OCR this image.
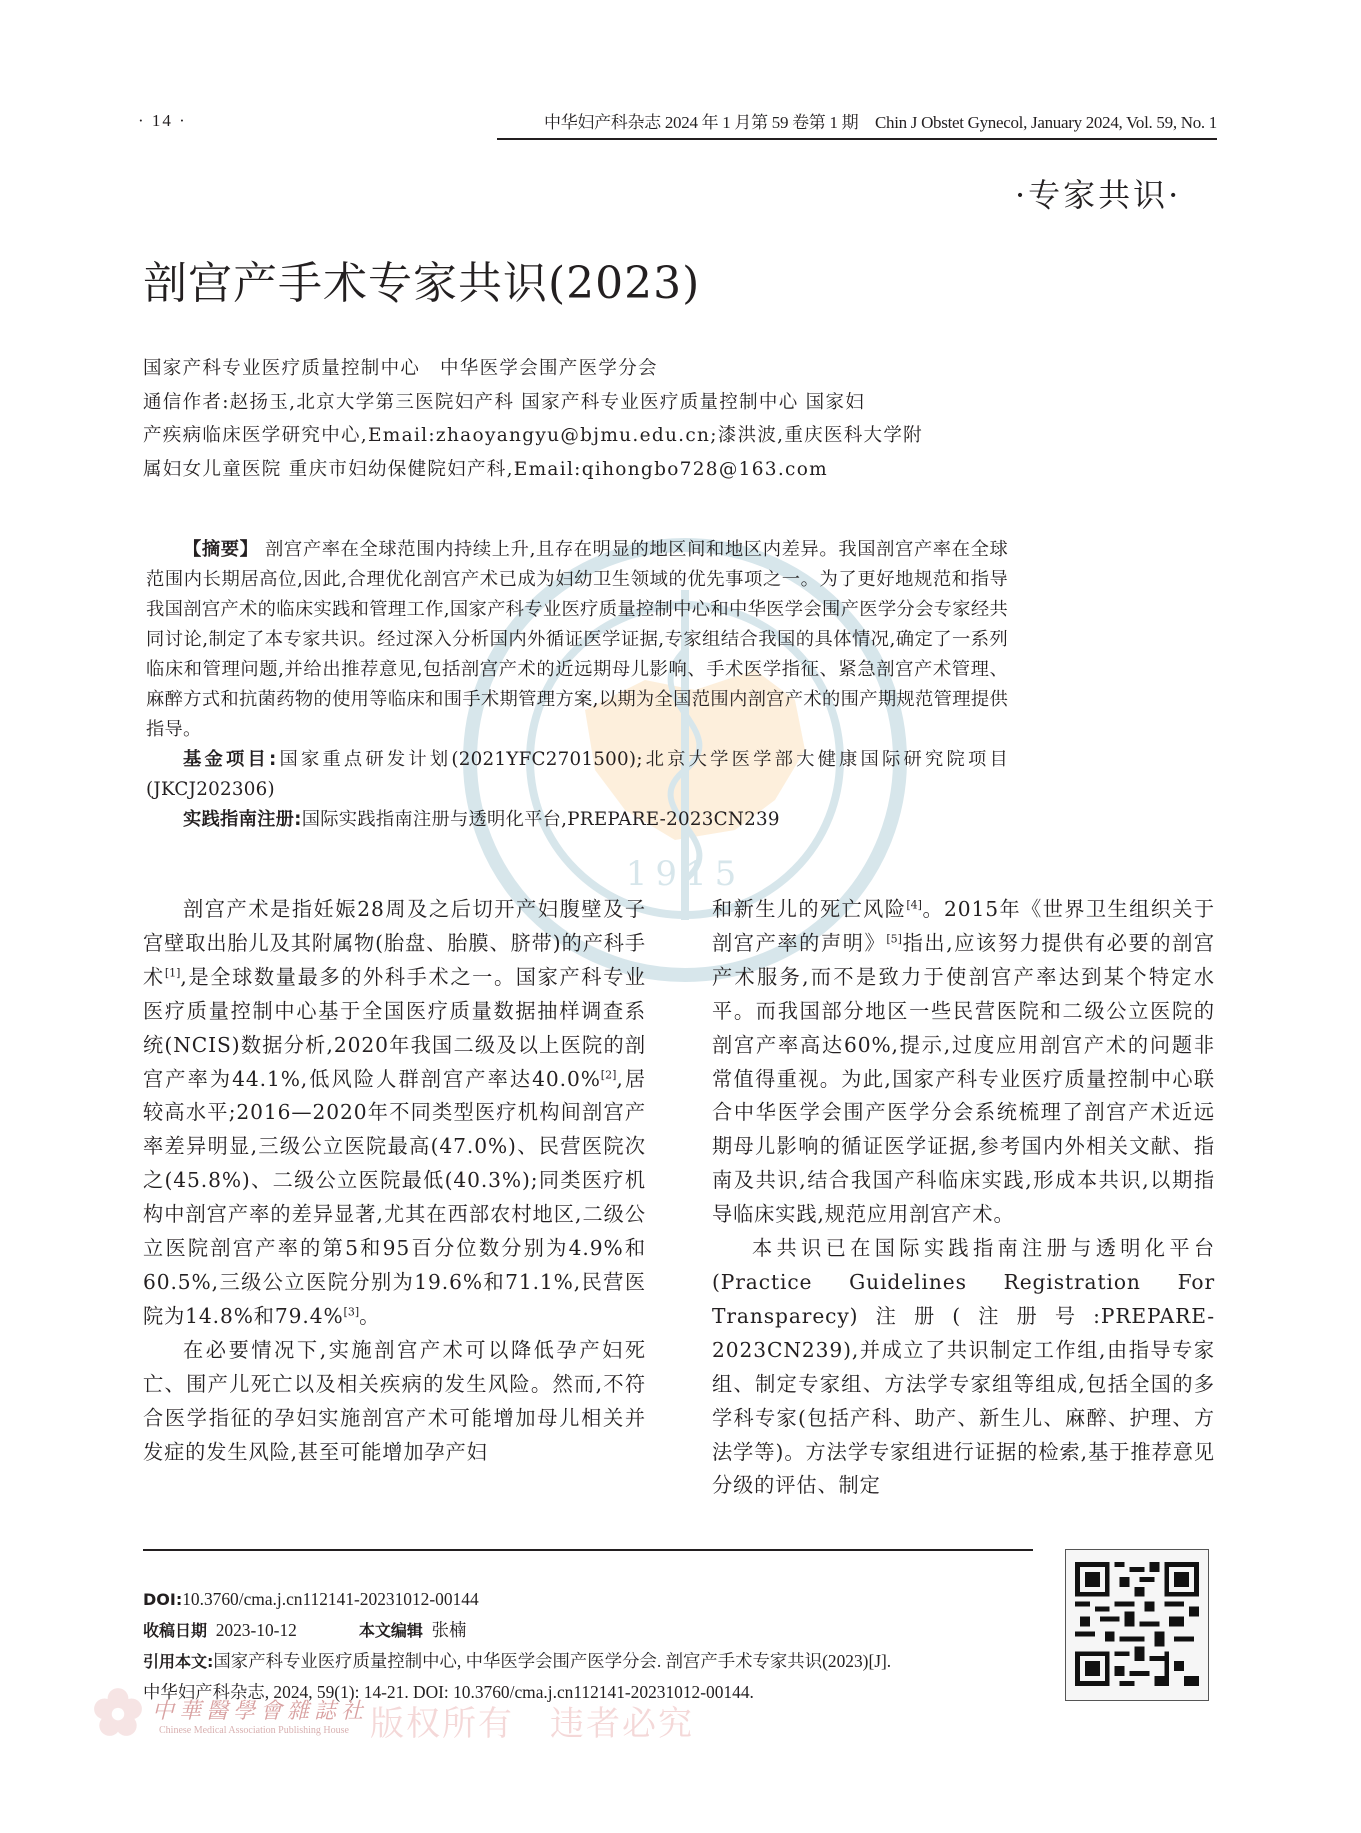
1915
· 14 ·	中华妇产科杂志 2024 年 1 月第 59 卷第 1 期　Chin J Obstet Gynecol, January 2024, Vol. 59, No. 1
·专家共识·
剖宫产手术专家共识(2023)

国家产科专业医疗质量控制中心　中华医学会围产医学分会

通信作者:赵扬玉,北京大学第三医院妇产科 国家产科专业医疗质量控制中心 国家妇

产疾病临床医学研究中心,Email:zhaoyangyu@bjmu.edu.cn;漆洪波,重庆医科大学附

属妇女儿童医院 重庆市妇幼保健院妇产科,Email:qihongbo728@163.com

【摘要】 剖宫产率在全球范围内持续上升,且存在明显的地区间和地区内差异。我国剖宫产率在全球范围内长期居高位,因此,合理优化剖宫产术已成为妇幼卫生领域的优先事项之一。为了更好地规范和指导我国剖宫产术的临床实践和管理工作,国家产科专业医疗质量控制中心和中华医学会围产医学分会专家经共同讨论,制定了本专家共识。经过深入分析国内外循证医学证据,专家组结合我国的具体情况,确定了一系列临床和管理问题,并给出推荐意见,包括剖宫产术的近远期母儿影响、手术医学指征、紧急剖宫产术管理、麻醉方式和抗菌药物的使用等临床和围手术期管理方案,以期为全国范围内剖宫产术的围产期规范管理提供指导。

基金项目:国家重点研发计划(2021YFC2701500);北京大学医学部大健康国际研究院项目(JKCJ202306)

实践指南注册:国际实践指南注册与透明化平台,PREPARE-2023CN239

剖宫产术是指妊娠28周及之后切开产妇腹壁及子宫壁取出胎儿及其附属物(胎盘、胎膜、脐带)的产科手术[1],是全球数量最多的外科手术之一。国家产科专业医疗质量控制中心基于全国医疗质量数据抽样调查系统(NCIS)数据分析,2020年我国二级及以上医院的剖宫产率为44.1%,低风险人群剖宫产率达40.0%[2],居较高水平;2016—2020年不同类型医疗机构间剖宫产率差异明显,三级公立医院最高(47.0%)、民营医院次之(45.8%)、二级公立医院最低(40.3%);同类医疗机构中剖宫产率的差异显著,尤其在西部农村地区,二级公立医院剖宫产率的第5和95百分位数分别为4.9%和60.5%,三级公立医院分别为19.6%和71.1%,民营医院为14.8%和79.4%[3]。

在必要情况下,实施剖宫产术可以降低孕产妇死亡、围产儿死亡以及相关疾病的发生风险。然而,不符合医学指征的孕妇实施剖宫产术可能增加母儿相关并发症的发生风险,甚至可能增加孕产妇

和新生儿的死亡风险[4]。2015年《世界卫生组织关于剖宫产率的声明》[5]指出,应该努力提供有必要的剖宫产术服务,而不是致力于使剖宫产率达到某个特定水平。而我国部分地区一些民营医院和二级公立医院的剖宫产率高达60%,提示,过度应用剖宫产术的问题非常值得重视。为此,国家产科专业医疗质量控制中心联合中华医学会围产医学分会系统梳理了剖宫产术近远期母儿影响的循证医学证据,参考国内外相关文献、指南及共识,结合我国产科临床实践,形成本共识,以期指导临床实践,规范应用剖宫产术。

本共识已在国际实践指南注册与透明化平台(Practice Guidelines Registration For Transparecy)注册(注册号:PREPARE-2023CN239),并成立了共识制定工作组,由指导专家组、制定专家组、方法学专家组等组成,包括全国的多学科专家(包括产科、助产、新生儿、麻醉、护理、方法学等)。方法学专家组进行证据的检索,基于推荐意见分级的评估、制定

DOI:10.3760/cma.j.cn112141-20231012-00144

收稿日期 2023-10-12	本文编辑 张楠

引用本文:国家产科专业医疗质量控制中心, 中华医学会围产医学分会. 剖宫产手术专家共识(2023)[J].

中华妇产科杂志, 2024, 59(1): 14-21. DOI: 10.3760/cma.j.cn112141-20231012-00144.

中華醫學會雜誌社
Chinese Medical Association Publishing House 版权所有　违者必究
